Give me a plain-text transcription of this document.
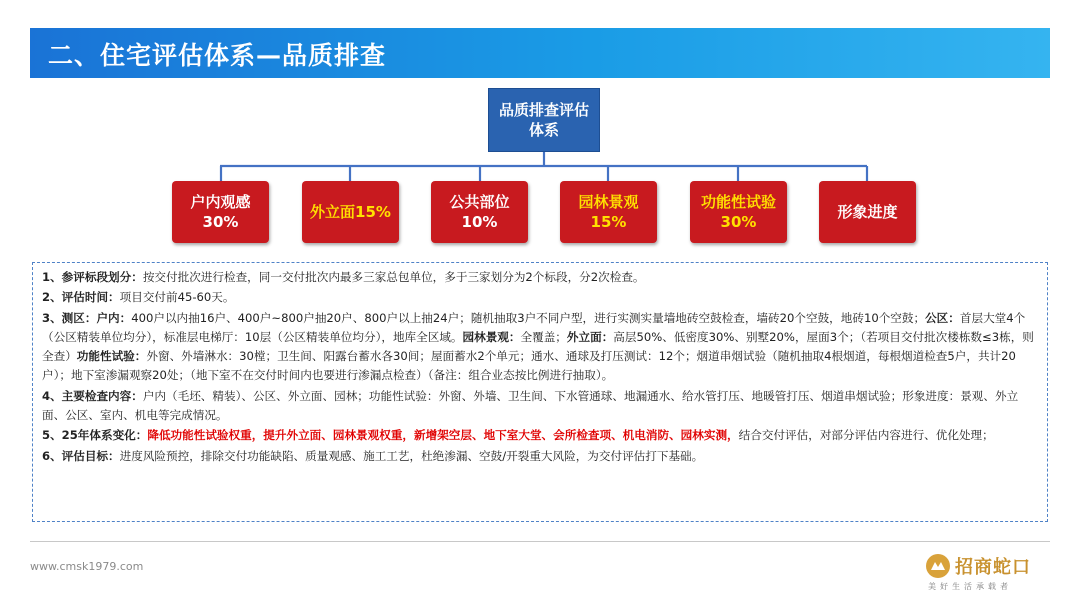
二、住宅评估体系—品质排查
品质排查评估体系
户内观感
30%
外立面15%
公共部位
10%
园林景观
15%
功能性试验
30%
形象进度

1、参评标段划分：按交付批次进行检查，同一交付批次内最多三家总包单位，多于三家划分为2个标段，分2次检查。

2、评估时间：项目交付前45-60天。

3、测区：户内：400户以内抽16户、400户~800户抽20户、800户以上抽24户；随机抽取3户不同户型，进行实测实量墙地砖空鼓检查，墙砖20个空鼓，地砖10个空鼓；公区：首层大堂4个（公区精装单位均分），标准层电梯厅：10层（公区精装单位均分），地库全区域。园林景观：全覆盖；外立面：高层50%、低密度30%、别墅20%，屋面3个；（若项目交付批次楼栋数≤3栋，则全查）功能性试验：外窗、外墙淋水：30樘；卫生间、阳露台蓄水各30间；屋面蓄水2个单元；通水、通球及打压测试：12个；烟道串烟试验（随机抽取4根烟道，每根烟道检查5户，共计20户）；地下室渗漏观察20处；（地下室不在交付时间内也要进行渗漏点检查）（备注：组合业态按比例进行抽取）。

4、主要检查内容：户内（毛坯、精装）、公区、外立面、园林；功能性试验：外窗、外墙、卫生间、下水管通球、地漏通水、给水管打压、地暖管打压、烟道串烟试验；形象进度：景观、外立面、公区、室内、机电等完成情况。

5、25年体系变化：降低功能性试验权重，提升外立面、园林景观权重，新增架空层、地下室大堂、会所检查项、机电消防、园林实测，结合交付评估，对部分评估内容进行、优化处理；

6、评估目标：进度风险预控，排除交付功能缺陷、质量观感、施工工艺，杜绝渗漏、空鼓/开裂重大风险，为交付评估打下基础。

www.cmsk1979.com	招商蛇口
美好生活承载者
